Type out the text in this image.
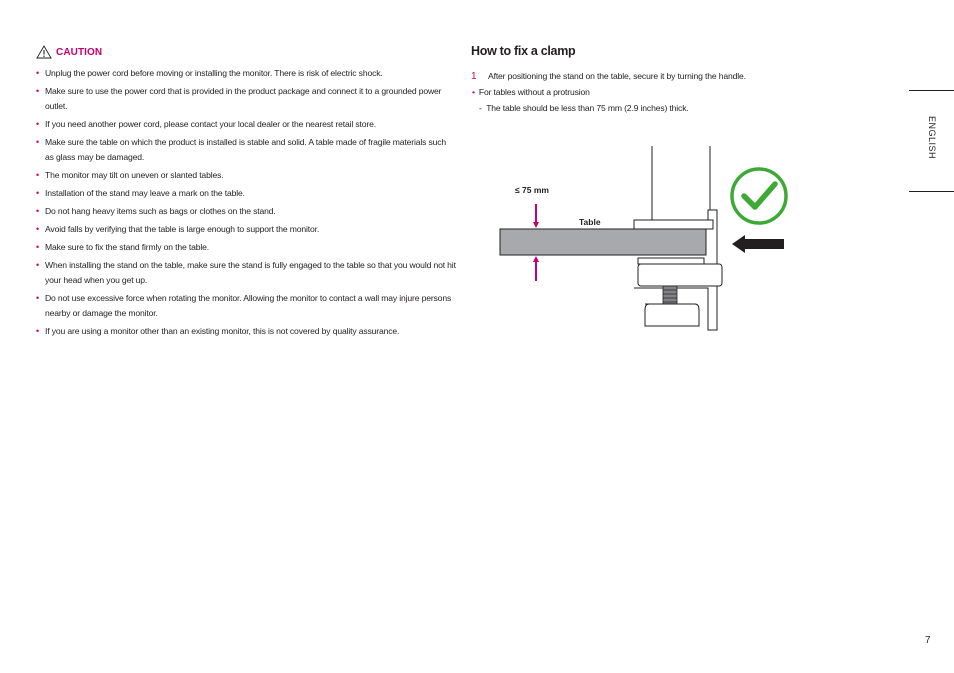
CAUTION
• Unplug the power cord before moving or installing the monitor. There is risk of electric shock.
• Make sure to use the power cord that is provided in the product package and connect it to a grounded power outlet.
• If you need another power cord, please contact your local dealer or the nearest retail store.
• Make sure the table on which the product is installed is stable and solid. A table made of fragile materials such as glass may be damaged.
• The monitor may tilt on uneven or slanted tables.
• Installation of the stand may leave a mark on the table.
• Do not hang heavy items such as bags or clothes on the stand.
• Avoid falls by verifying that the table is large enough to support the monitor.
• Make sure to fix the stand firmly on the table.
• When installing the stand on the table, make sure the stand is fully engaged to the table so that you would not hit your head when you get up.
• Do not use excessive force when rotating the monitor. Allowing the monitor to contact a wall may injure persons nearby or damage the monitor.
• If you are using a monitor other than an existing monitor, this is not covered by quality assurance.
How to fix a clamp
1	After positioning the stand on the table, secure it by turning the handle.
• For tables without a protrusion
-  The table should be less than 75 mm (2.9 inches) thick.
≤ 75 mm
Table
ENGLISH
7
